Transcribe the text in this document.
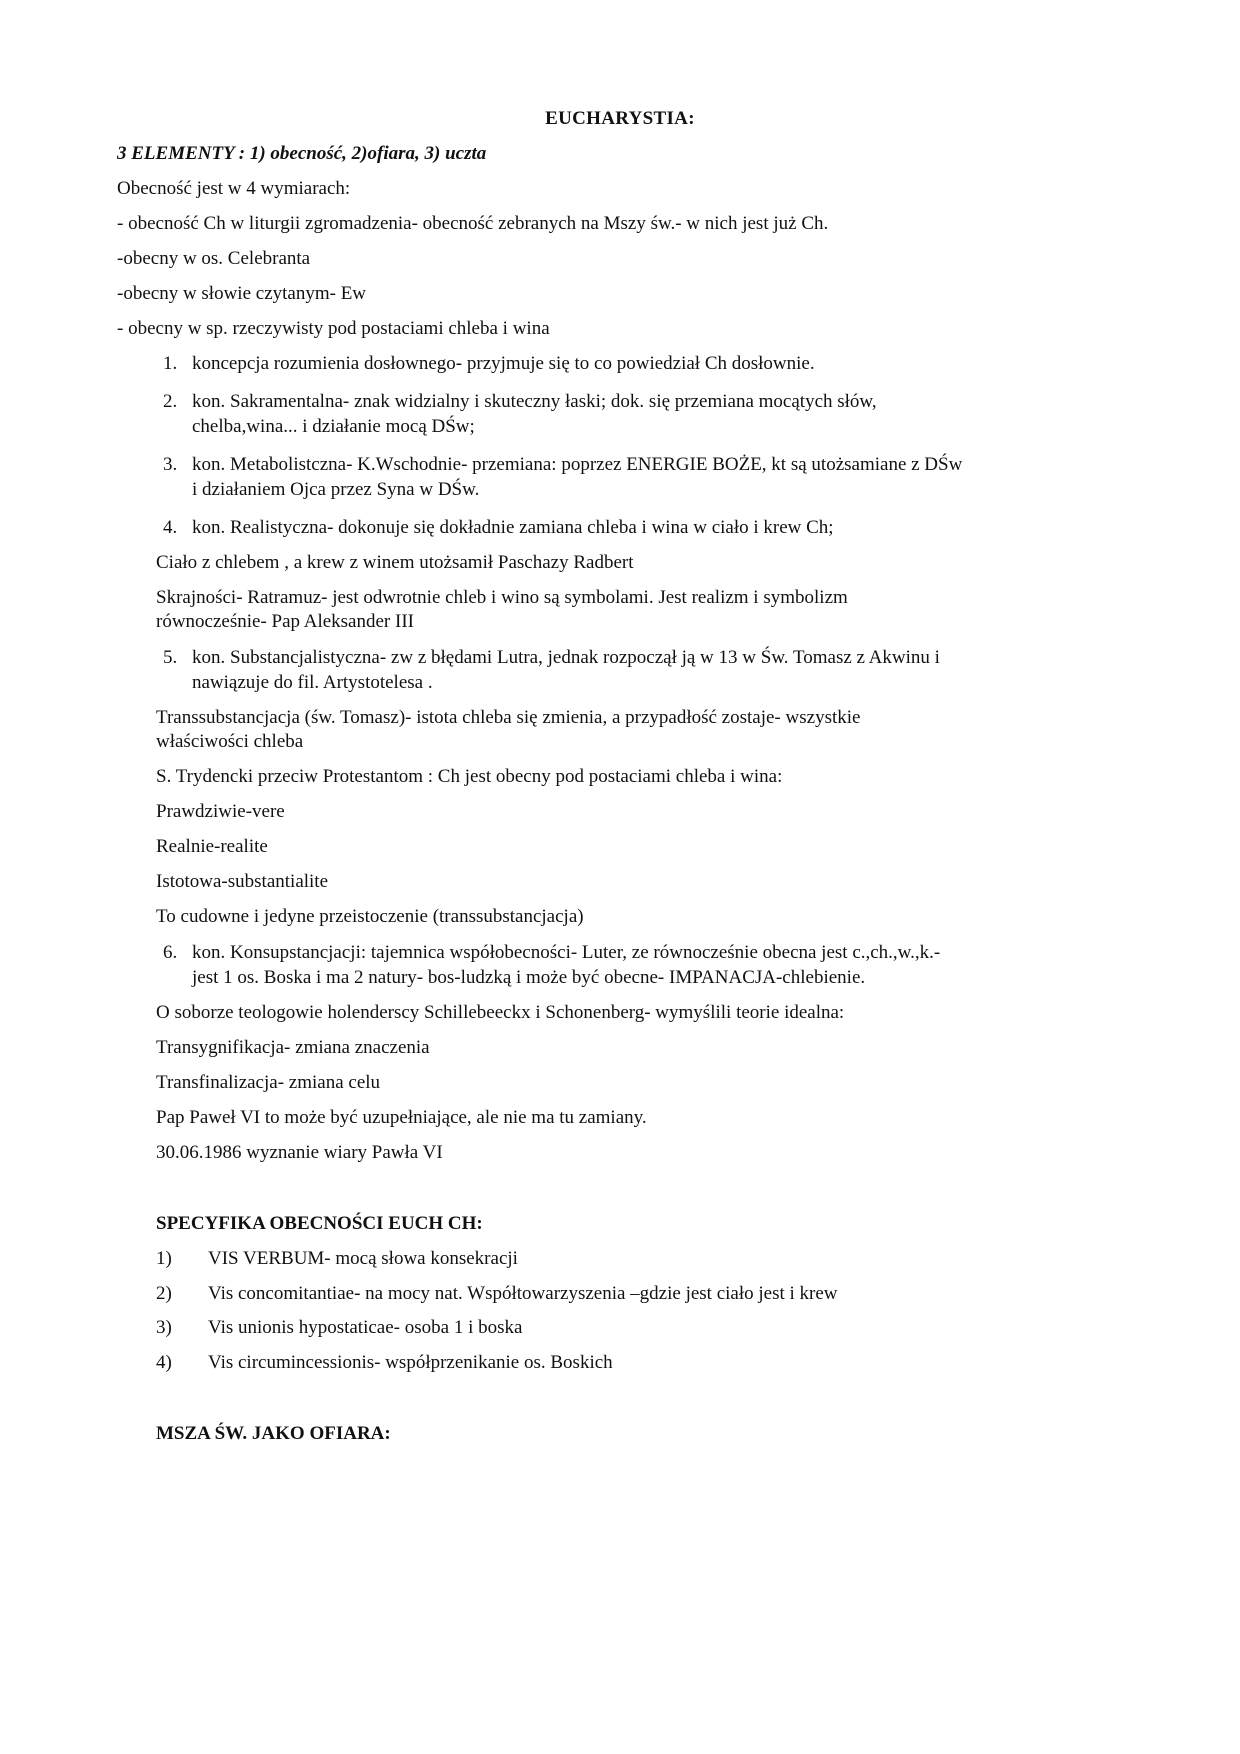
EUCHARYSTIA:
3 ELEMENTY : 1) obecność, 2)ofiara, 3) uczta
Obecność jest w 4 wymiarach:
- obecność Ch w liturgii zgromadzenia- obecność zebranych na Mszy św.- w nich jest już Ch.
-obecny w os. Celebranta
-obecny w słowie czytanym- Ew
- obecny w sp. rzeczywisty pod postaciami chleba i wina
1. koncepcja rozumienia dosłownego- przyjmuje się to co powiedział Ch dosłownie.
2. kon. Sakramentalna- znak widzialny i skuteczny łaski; dok. się przemiana mocątych słów,
chelba,wina... i działanie mocą DŚw;
3. kon. Metabolistczna- K.Wschodnie- przemiana: poprzez ENERGIE BOŻE, kt są utożsamiane z DŚw
i działaniem Ojca przez Syna w DŚw.
4. kon. Realistyczna- dokonuje się dokładnie zamiana chleba i wina w ciało i krew Ch;
Ciało z chlebem , a krew z winem utożsamił Paschazy Radbert
Skrajności- Ratramuz- jest odwrotnie chleb i wino są symbolami. Jest realizm i symbolizm
równocześnie- Pap Aleksander III
5. kon. Substancjalistyczna- zw z błędami Lutra, jednak rozpoczął ją w 13 w Św. Tomasz z Akwinu i
nawiązuje do fil. Artystotelesa .
Transsubstancjacja (św. Tomasz)- istota chleba się zmienia, a przypadłość zostaje- wszystkie
właściwości chleba
S. Trydencki przeciw Protestantom : Ch jest obecny pod postaciami chleba i wina:
Prawdziwie-vere
Realnie-realite
Istotowa-substantialite
To cudowne i jedyne przeistoczenie (transsubstancjacja)
6. kon. Konsupstancjacji: tajemnica współobecności- Luter, ze równocześnie obecna jest c.,ch.,w.,k.-
jest 1 os. Boska i ma 2 natury- bos-ludzką i może być obecne- IMPANACJA-chlebienie.
O soborze teologowie holenderscy Schillebeeckx i Schonenberg- wymyślili teorie idealna:
Transygnifikacja- zmiana znaczenia
Transfinalizacja- zmiana celu
Pap Paweł VI to może być uzupełniające, ale nie ma tu zamiany.
30.06.1986 wyznanie wiary Pawła VI
SPECYFIKA OBECNOŚCI EUCH CH:
1) VIS VERBUM- mocą słowa konsekracji
2) Vis concomitantiae- na mocy nat. Współtowarzyszenia –gdzie jest ciało jest i krew
3) Vis unionis hypostaticae- osoba 1 i boska
4) Vis circumincessionis- współprzenikanie os. Boskich
MSZA ŚW. JAKO OFIARA:
